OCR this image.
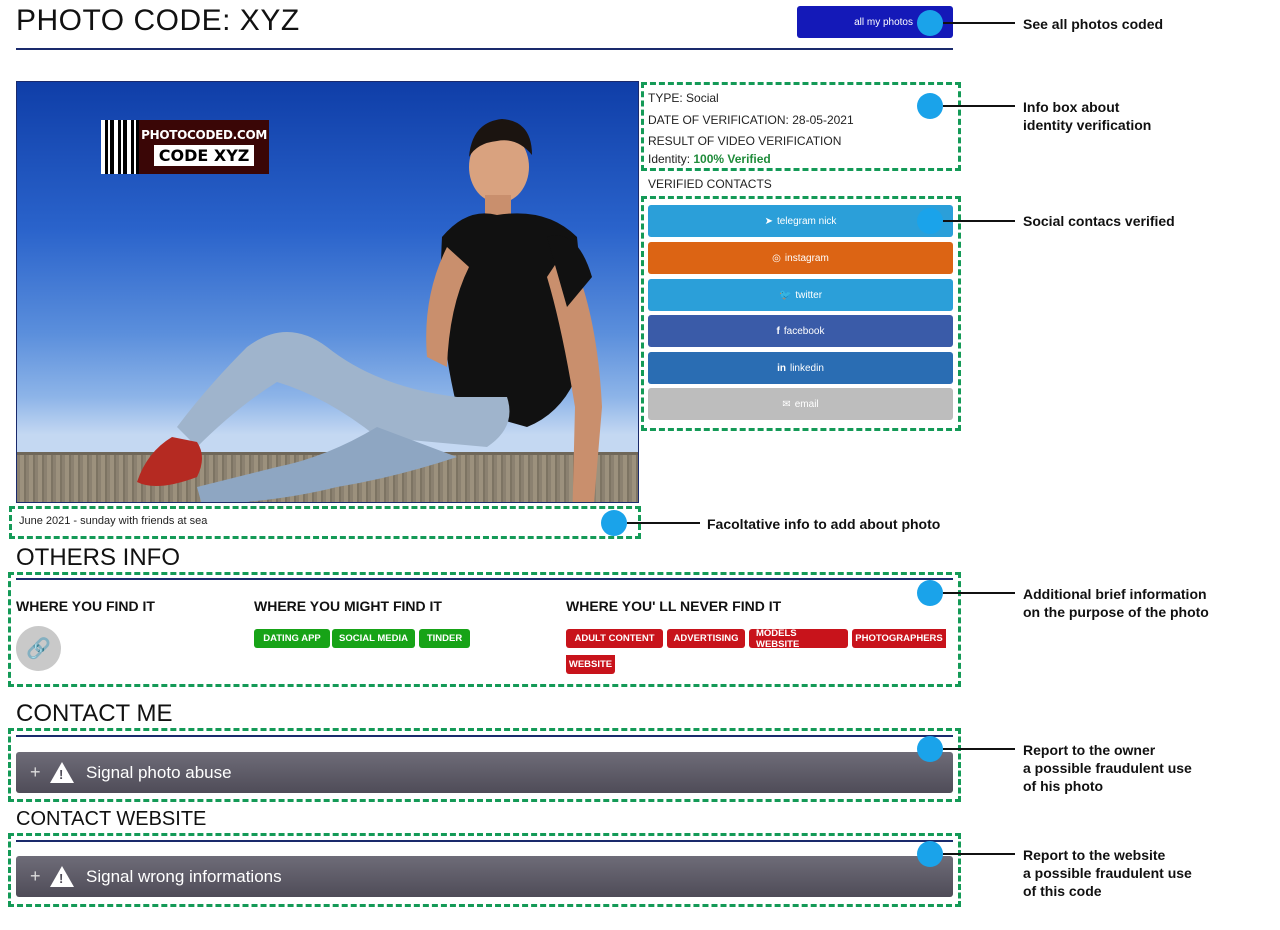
PHOTO CODE: XYZ	all my photos
PHOTOCODED.COM
CODE XYZ
June 2021 - sunday with friends at sea
TYPE: Social
DATE OF VERIFICATION: 28-05-2021
RESULT OF VIDEO VERIFICATION
Identity: 100% Verified
VERIFIED CONTACTS
➤ telegram nick
◎ instagram
🐦 twitter
f facebook
in linkedin
✉ email
OTHERS INFO
WHERE YOU FIND IT	WHERE YOU MIGHT FIND IT	WHERE YOU' LL NEVER FIND IT
🔗	DATING APP	SOCIAL MEDIA	TINDER	ADULT CONTENT	ADVERTISING	MODELS WEBSITE	PHOTOGRAPHERS
WEBSITE
CONTACT ME
+	! Signal photo abuse
CONTACT WEBSITE
+	! Signal wrong informations
See all photos coded
Info box about
identity verification
Social contacs verified
Facoltative info to add about photo
Additional brief information
on the purpose of the photo
Report to the owner
a possible fraudulent use
of his photo
Report to the website
a possible fraudulent use
of this code
